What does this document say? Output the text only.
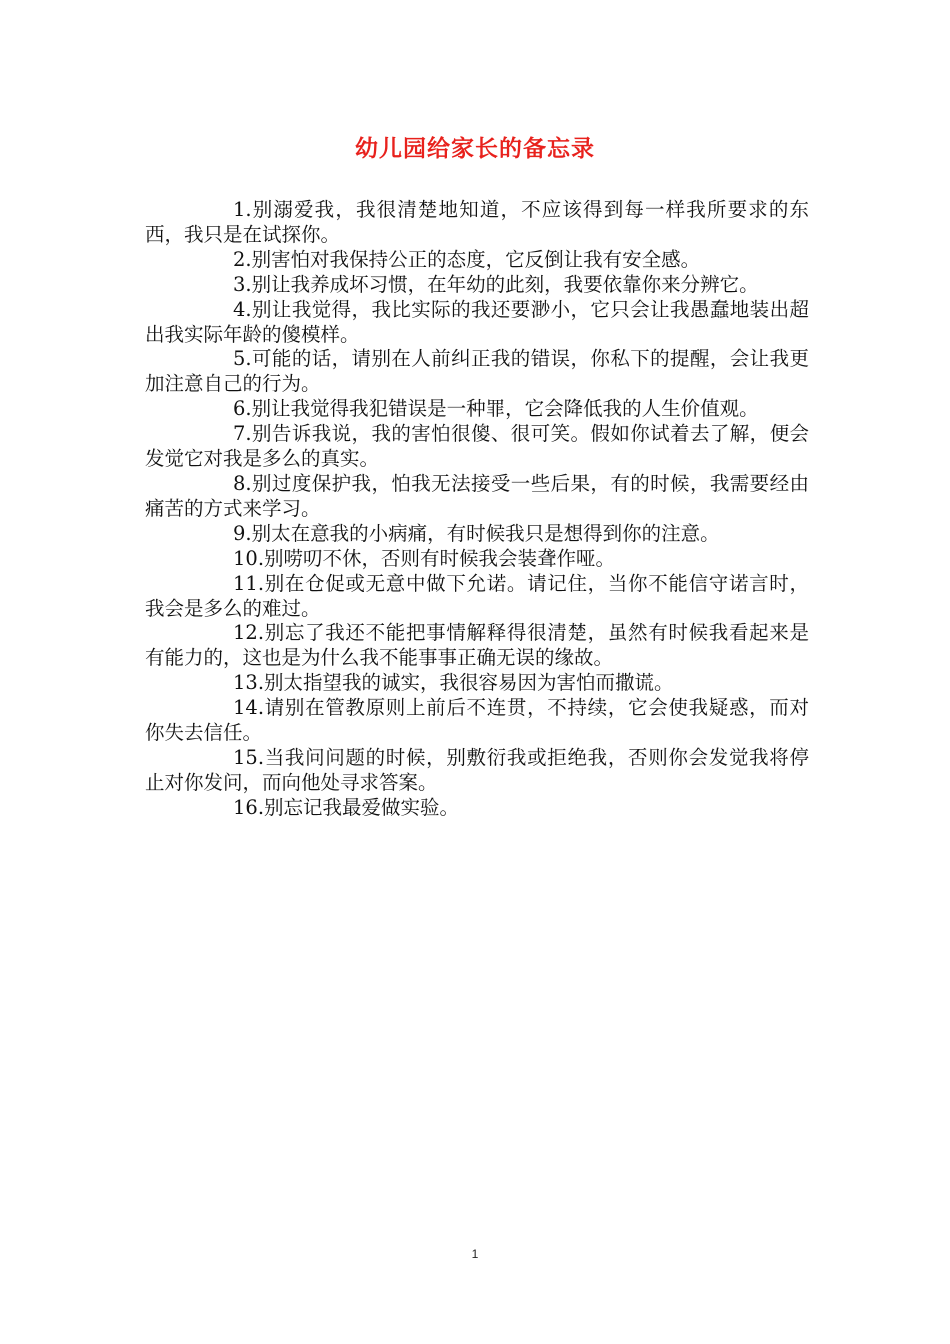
幼儿园给家长的备忘录

1.别溺爱我，我很清楚地知道，不应该得到每一样我所要求的东西，我只是在试探你。

2.别害怕对我保持公正的态度，它反倒让我有安全感。

3.别让我养成坏习惯，在年幼的此刻，我要依靠你来分辨它。

4.别让我觉得，我比实际的我还要渺小，它只会让我愚蠢地装出超出我实际年龄的傻模样。

5.可能的话，请别在人前纠正我的错误，你私下的提醒，会让我更加注意自己的行为。

6.别让我觉得我犯错误是一种罪，它会降低我的人生价值观。

7.别告诉我说，我的害怕很傻、很可笑。假如你试着去了解，便会发觉它对我是多么的真实。

8.别过度保护我，怕我无法接受一些后果，有的时候，我需要经由痛苦的方式来学习。

9.别太在意我的小病痛，有时候我只是想得到你的注意。

10.别唠叨不休，否则有时候我会装聋作哑。

11.别在仓促或无意中做下允诺。请记住，当你不能信守诺言时，我会是多么的难过。

12.别忘了我还不能把事情解释得很清楚，虽然有时候我看起来是有能力的，这也是为什么我不能事事正确无误的缘故。

13.别太指望我的诚实，我很容易因为害怕而撒谎。

14.请别在管教原则上前后不连贯，不持续，它会使我疑惑，而对你失去信任。

15.当我问问题的时候，别敷衍我或拒绝我，否则你会发觉我将停止对你发问，而向他处寻求答案。

16.别忘记我最爱做实验。

1
